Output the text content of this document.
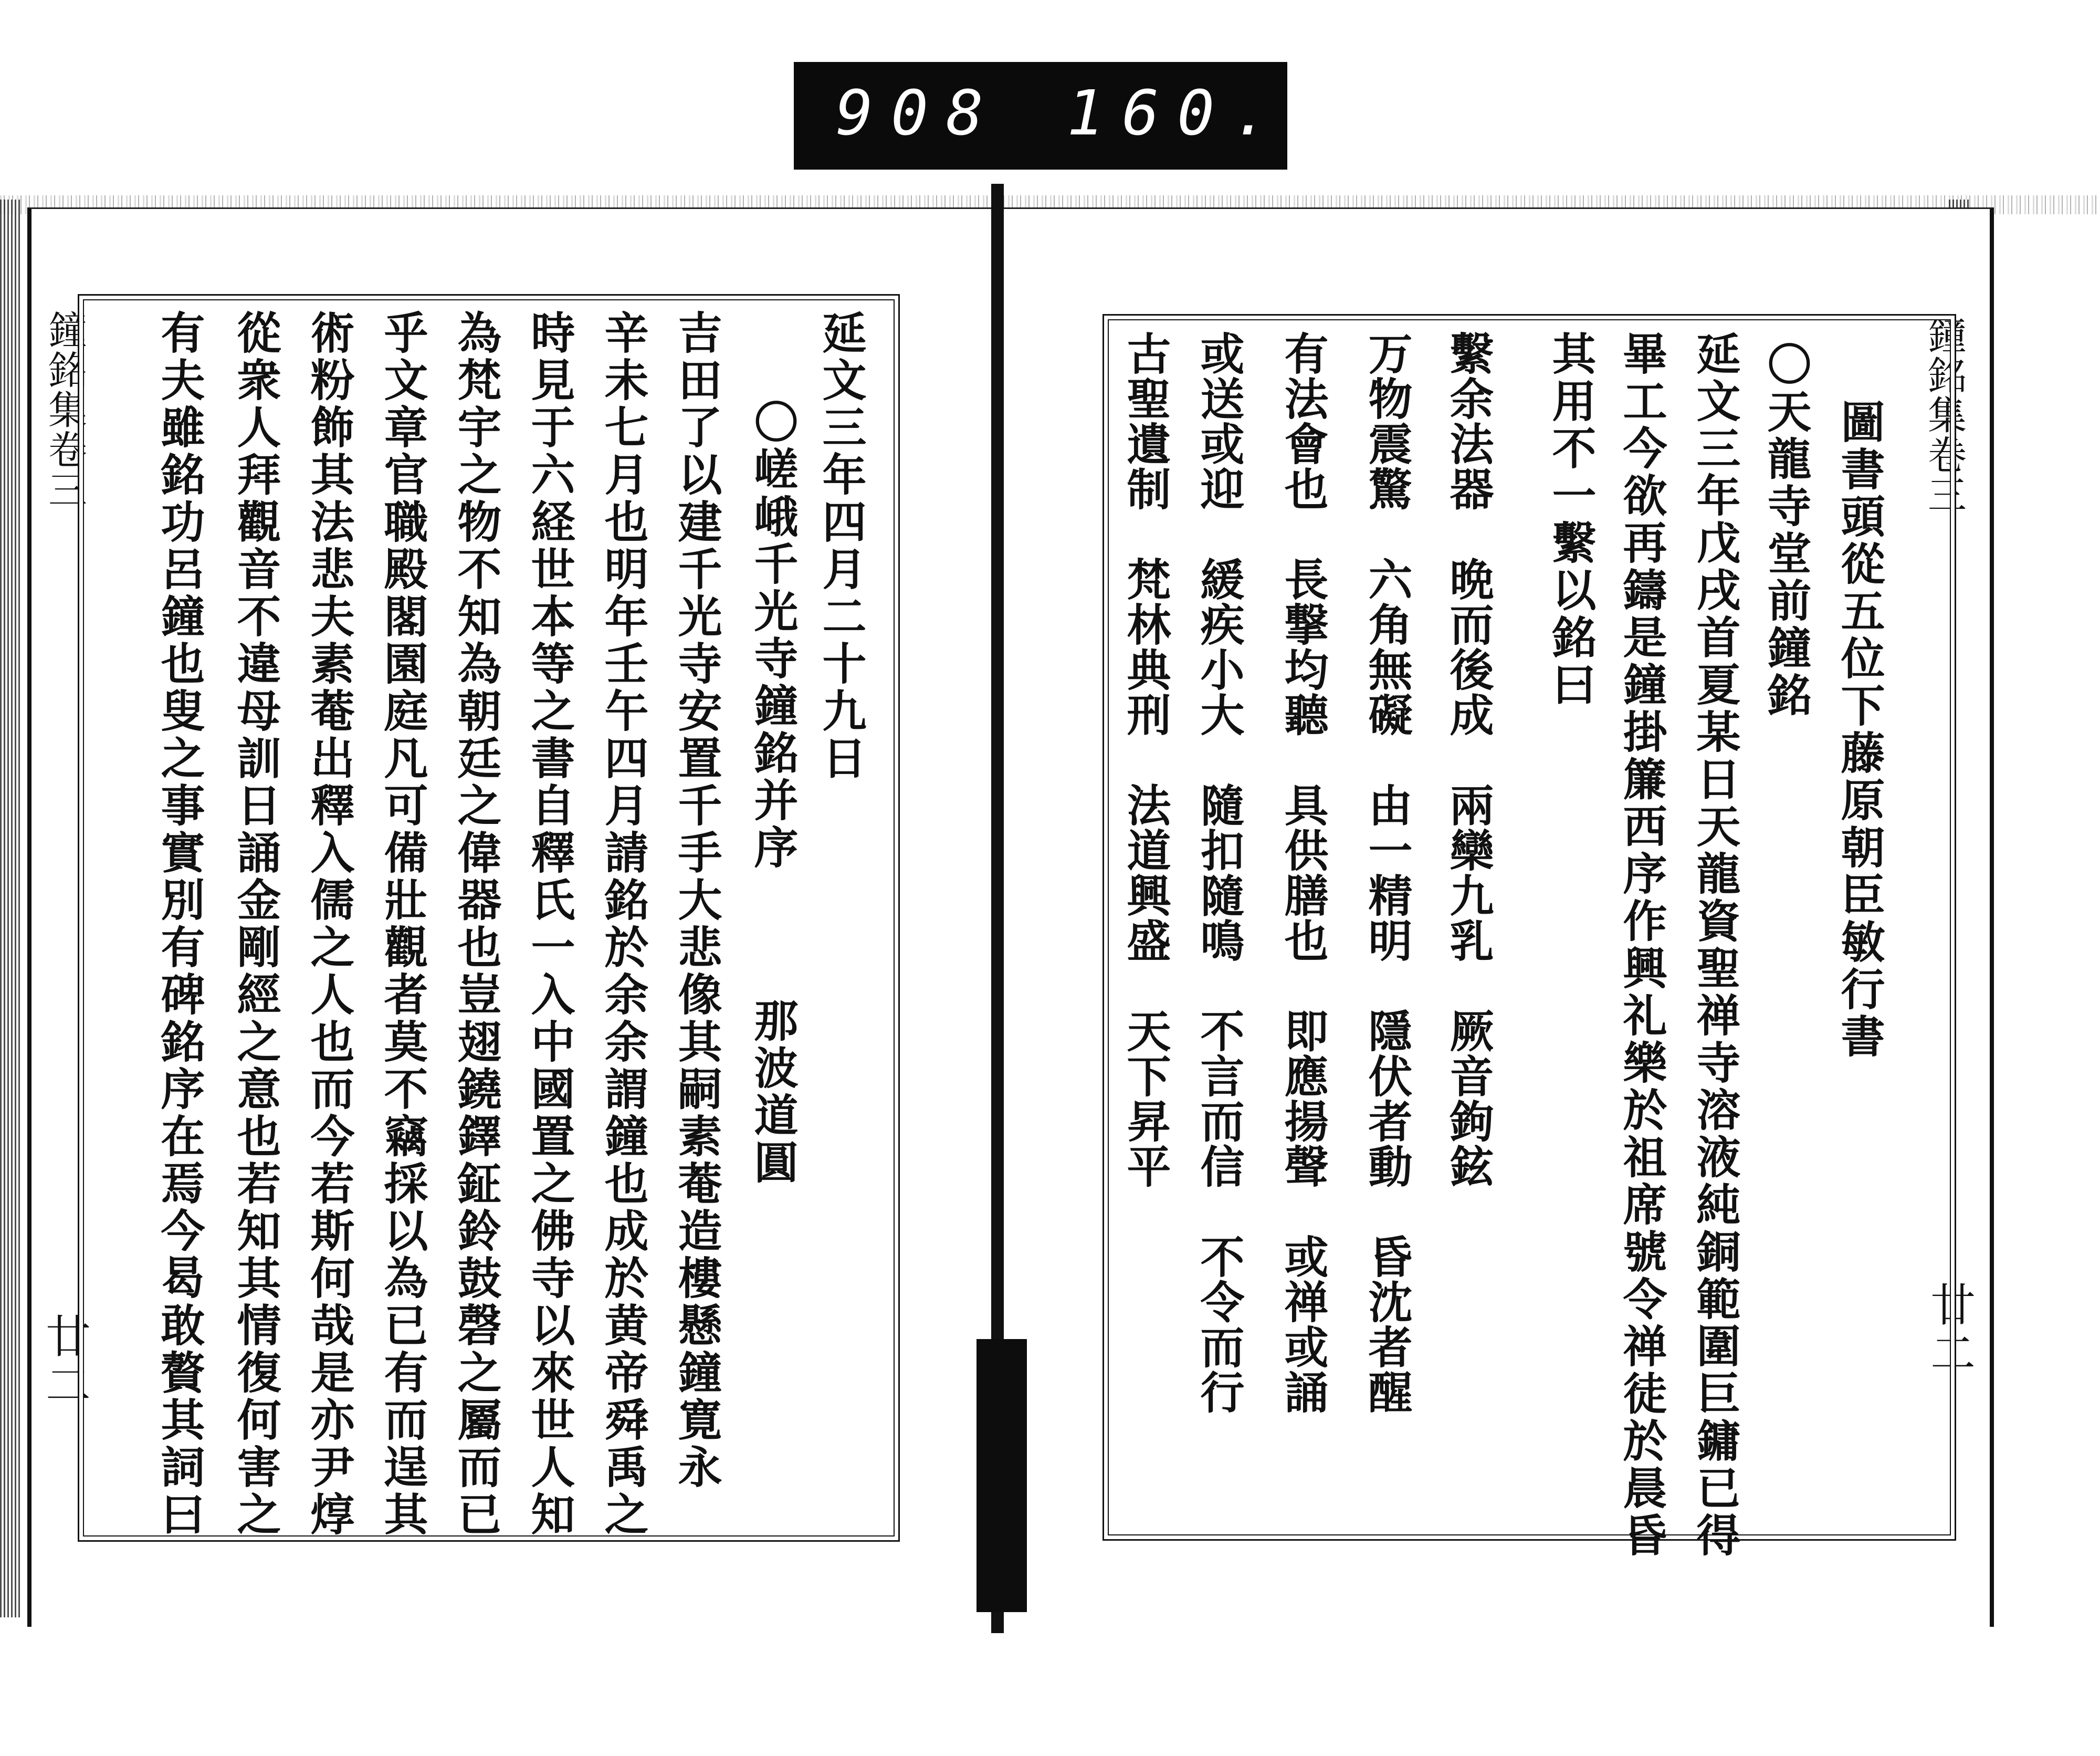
908 160.
鐘銘集卷三
廿二
延文三年四月二十九日
〇嵯峨千光寺鐘銘并序
那波道圓
吉田了以建千光寺安置千手大悲像其嗣素菴造樓懸鐘寛永
辛未七月也明年壬午四月請銘於余余謂鐘也成於黄帝舜禹之
時見于六経世本等之書自釋氏一入中國置之佛寺以來世人知
為梵宇之物不知為朝廷之偉器也豈翅鐃鐸鉦鈴鼓磬之屬而已
乎文章官職殿閣園庭凡可備壯觀者莫不竊採以為已有而逞其
術粉飾其法悲夫素菴出釋入儒之人也而今若斯何哉是亦尹焞
從衆人拜觀音不違母訓日誦金剛經之意也若知其情復何害之
有夫雖銘功呂鐘也叟之事實別有碑銘序在焉今曷敢贅其詞曰	鐘銘集卷三
廿二
圖書頭從五位下藤原朝臣敏行書
〇天龍寺堂前鐘銘
延文三年戊戌首夏某日天龍資聖禅寺溶液純銅範圍巨鏞已得
畢工今欲再鑄是鐘掛簾西序作興礼樂於祖席號令禅徒於晨昏
其用不一繫以銘曰
繫余法器　晩而後成　兩欒九乳　厥音鉤鉉
万物震驚　六角無礙　由一精明　隱伏者動　昏沈者醒
有法會也　長撃均聽　具供膳也　即應揚聲　或禅或誦
或送或迎　緩疾小大　隨扣隨鳴　不言而信　不令而行
古聖遺制　梵林典刑　法道興盛　天下昇平
